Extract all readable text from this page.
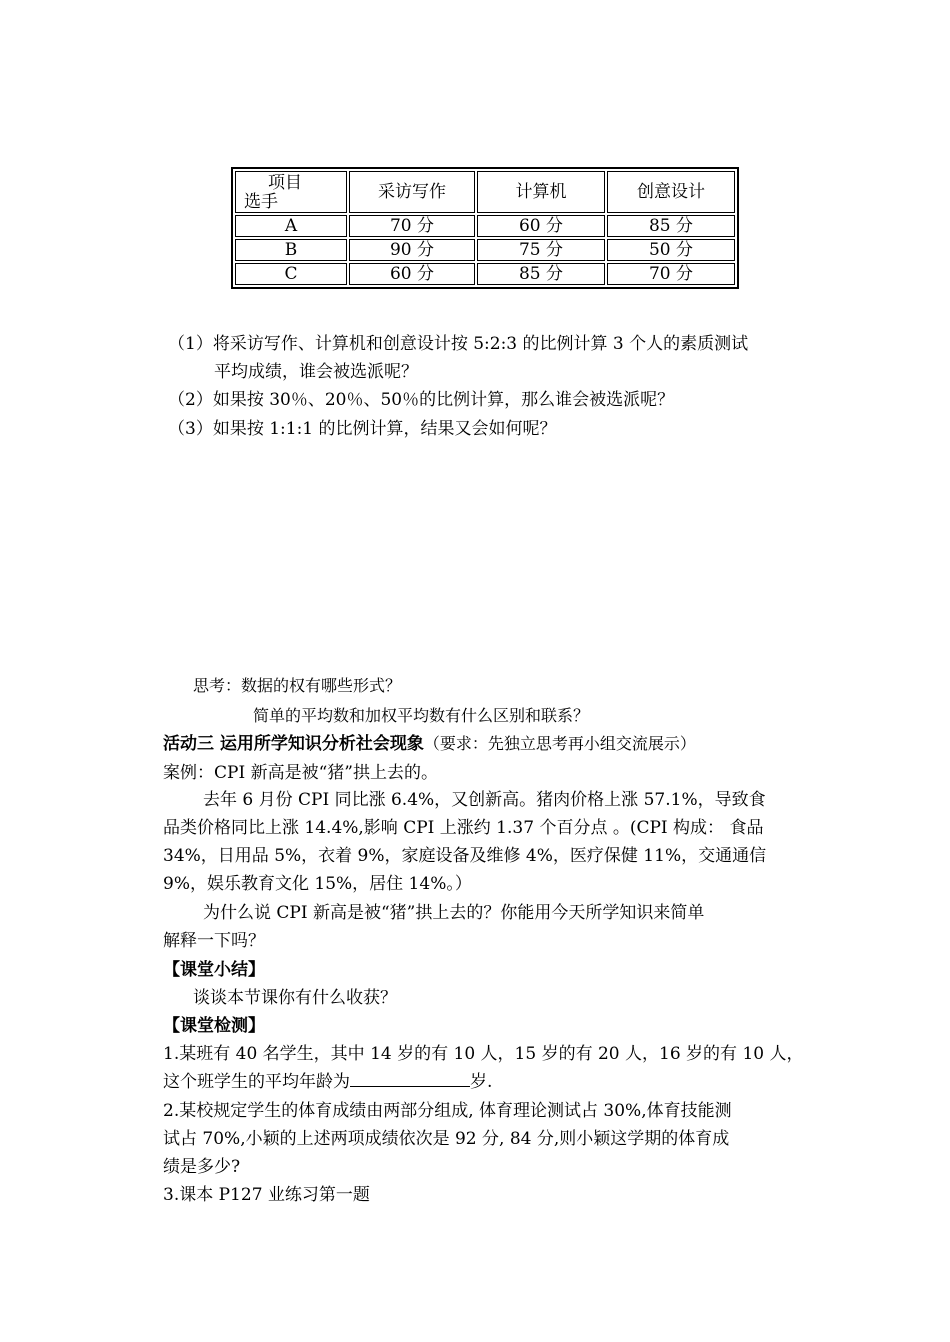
项目
选手	采访写作	计算机	创意设计
A	70 分	60 分	85 分
B	90 分	75 分	50 分
C	60 分	85 分	70 分
（1）将采访写作、计算机和创意设计按 5:2:3 的比例计算 3 个人的素质测试
平均成绩，谁会被选派呢？
（2）如果按 30％、20％、50％的比例计算，那么谁会被选派呢？
（3）如果按 1:1:1 的比例计算，结果又会如何呢？
思考：数据的权有哪些形式？
简单的平均数和加权平均数有什么区别和联系？
活动三 运用所学知识分析社会现象（要求：先独立思考再小组交流展示）
案例：CPI 新高是被“猪”拱上去的。
去年 6 月份 CPI 同比涨 6.4%，又创新高。猪肉价格上涨 57.1%，导致食
品类价格同比上涨 14.4%,影响 CPI 上涨约 1.37 个百分点 。(CPI 构成： 食品
34%，日用品 5%，衣着 9%，家庭设备及维修 4%，医疗保健 11%，交通通信
9%，娱乐教育文化 15%，居住 14%。）
为什么说 CPI 新高是被“猪”拱上去的？你能用今天所学知识来简单
解释一下吗？
【课堂小结】
谈谈本节课你有什么收获？
【课堂检测】
1.某班有 40 名学生，其中 14 岁的有 10 人，15 岁的有 20 人，16 岁的有 10 人，
这个班学生的平均年龄为	岁.
2.某校规定学生的体育成绩由两部分组成, 体育理论测试占 30%,体育技能测
试占 70%,小颖的上述两项成绩依次是 92 分, 84 分,则小颖这学期的体育成
绩是多少?
3.课本 P127 业练习第一题
